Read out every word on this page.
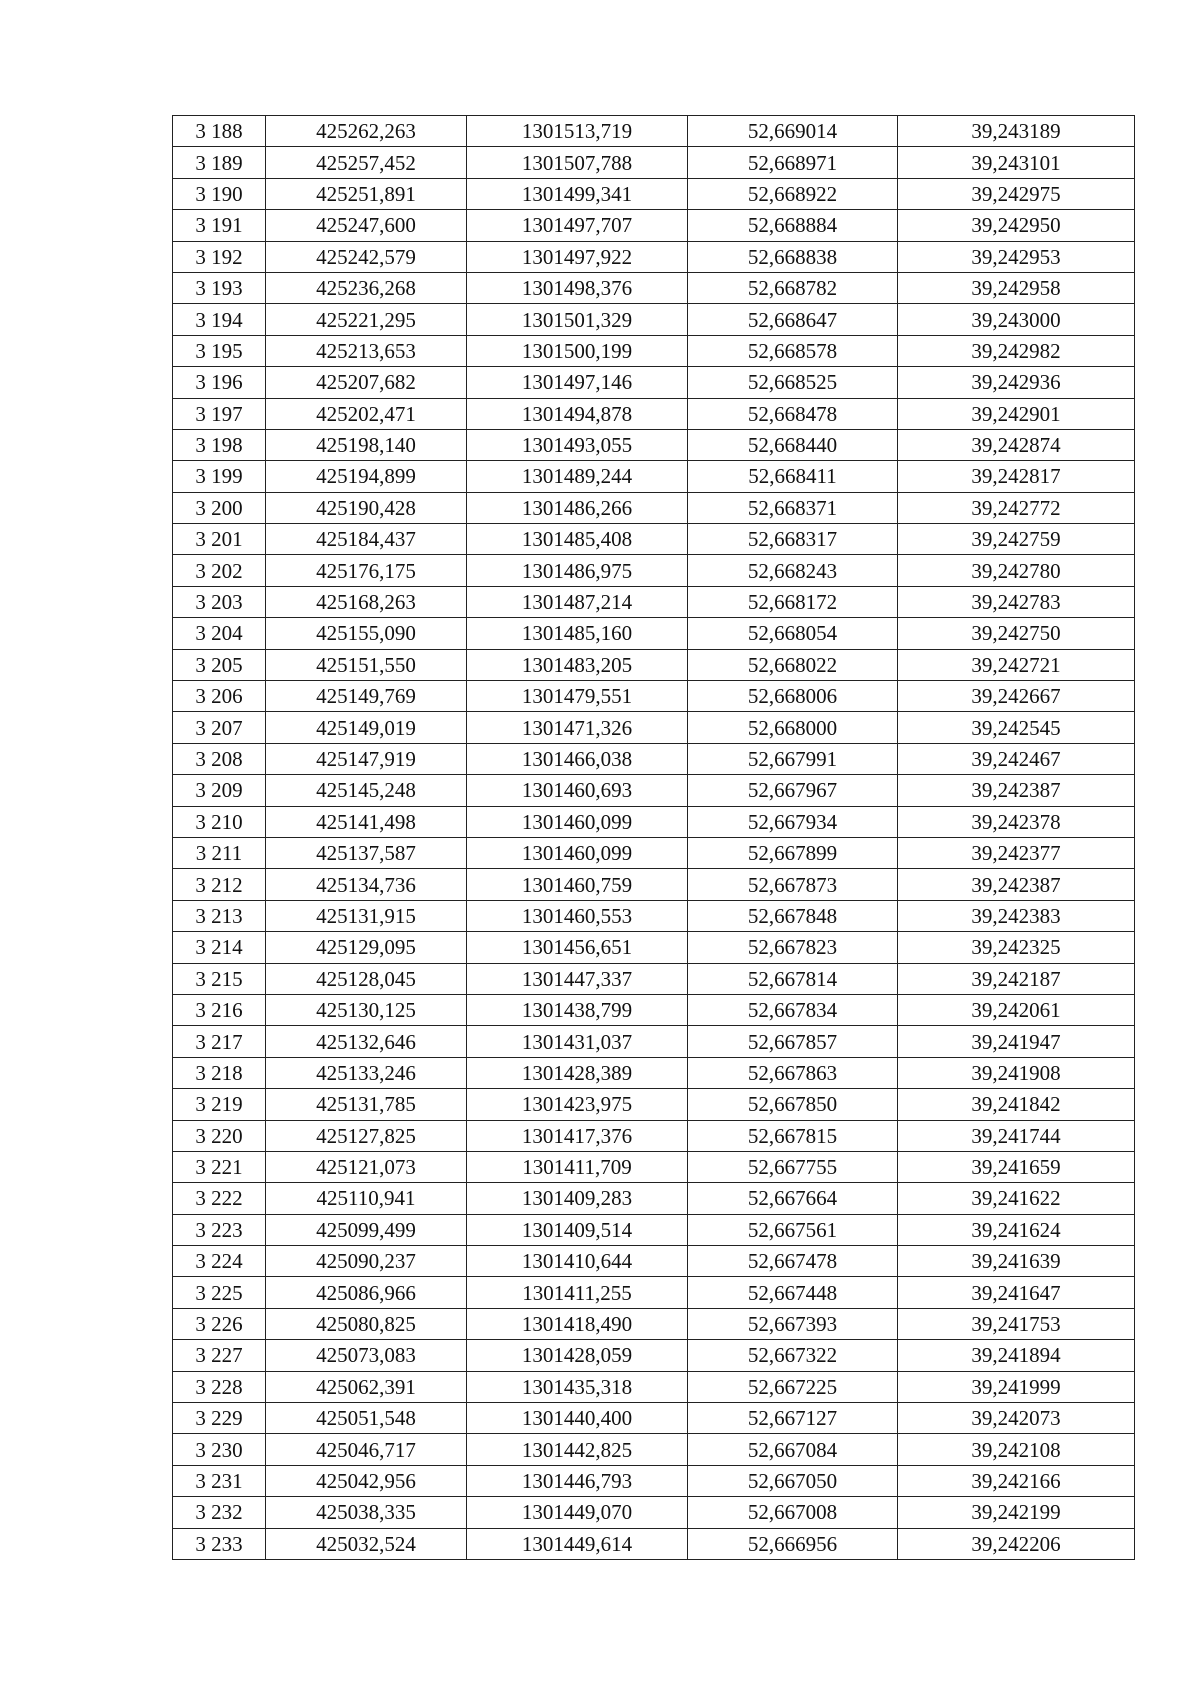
3 188	425262,263	1301513,719	52,669014	39,243189
3 189	425257,452	1301507,788	52,668971	39,243101
3 190	425251,891	1301499,341	52,668922	39,242975
3 191	425247,600	1301497,707	52,668884	39,242950
3 192	425242,579	1301497,922	52,668838	39,242953
3 193	425236,268	1301498,376	52,668782	39,242958
3 194	425221,295	1301501,329	52,668647	39,243000
3 195	425213,653	1301500,199	52,668578	39,242982
3 196	425207,682	1301497,146	52,668525	39,242936
3 197	425202,471	1301494,878	52,668478	39,242901
3 198	425198,140	1301493,055	52,668440	39,242874
3 199	425194,899	1301489,244	52,668411	39,242817
3 200	425190,428	1301486,266	52,668371	39,242772
3 201	425184,437	1301485,408	52,668317	39,242759
3 202	425176,175	1301486,975	52,668243	39,242780
3 203	425168,263	1301487,214	52,668172	39,242783
3 204	425155,090	1301485,160	52,668054	39,242750
3 205	425151,550	1301483,205	52,668022	39,242721
3 206	425149,769	1301479,551	52,668006	39,242667
3 207	425149,019	1301471,326	52,668000	39,242545
3 208	425147,919	1301466,038	52,667991	39,242467
3 209	425145,248	1301460,693	52,667967	39,242387
3 210	425141,498	1301460,099	52,667934	39,242378
3 211	425137,587	1301460,099	52,667899	39,242377
3 212	425134,736	1301460,759	52,667873	39,242387
3 213	425131,915	1301460,553	52,667848	39,242383
3 214	425129,095	1301456,651	52,667823	39,242325
3 215	425128,045	1301447,337	52,667814	39,242187
3 216	425130,125	1301438,799	52,667834	39,242061
3 217	425132,646	1301431,037	52,667857	39,241947
3 218	425133,246	1301428,389	52,667863	39,241908
3 219	425131,785	1301423,975	52,667850	39,241842
3 220	425127,825	1301417,376	52,667815	39,241744
3 221	425121,073	1301411,709	52,667755	39,241659
3 222	425110,941	1301409,283	52,667664	39,241622
3 223	425099,499	1301409,514	52,667561	39,241624
3 224	425090,237	1301410,644	52,667478	39,241639
3 225	425086,966	1301411,255	52,667448	39,241647
3 226	425080,825	1301418,490	52,667393	39,241753
3 227	425073,083	1301428,059	52,667322	39,241894
3 228	425062,391	1301435,318	52,667225	39,241999
3 229	425051,548	1301440,400	52,667127	39,242073
3 230	425046,717	1301442,825	52,667084	39,242108
3 231	425042,956	1301446,793	52,667050	39,242166
3 232	425038,335	1301449,070	52,667008	39,242199
3 233	425032,524	1301449,614	52,666956	39,242206
